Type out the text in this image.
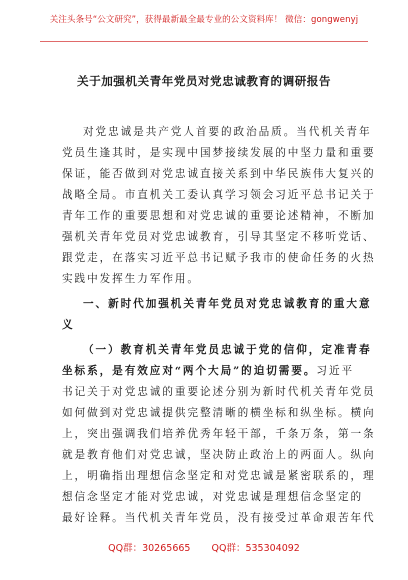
关注头条号“公文研究”，获得最新最全最专业的公文资料库！ 微信：gongwenyj
关于加强机关青年党员对党忠诚教育的调研报告
对党忠诚是共产党人首要的政治品质。当代机关青年
党员生逢其时，是实现中国梦接续发展的中坚力量和重要
保证，能否做到对党忠诚直接关系到中华民族伟大复兴的
战略全局。市直机关工委认真学习领会习近平总书记关于
青年工作的重要思想和对党忠诚的重要论述精神，不断加
强机关青年党员对党忠诚教育，引导其坚定不移听党话、
跟党走，在落实习近平总书记赋予我市的使命任务的火热
实践中发挥生力军作用。
一、新时代加强机关青年党员对党忠诚教育的重大意
义
（一）教育机关青年党员忠诚于党的信仰，定准青春
坐标系，是有效应对“两个大局”的迫切需要。习近平
书记关于对党忠诚的重要论述分别为新时代机关青年党员
如何做到对党忠诚提供完整清晰的横坐标和纵坐标。横向
上，突出强调我们培养优秀年轻干部，千条万条，第一条
就是教育他们对党忠诚，坚决防止政治上的两面人。纵向
上，明确指出理想信念坚定和对党忠诚是紧密联系的，理
想信念坚定才能对党忠诚，对党忠诚是理想信念坚定的
最好诠释。当代机关青年党员，没有接受过革命艰苦年代
QQ群：30265665 QQ群：535304092
